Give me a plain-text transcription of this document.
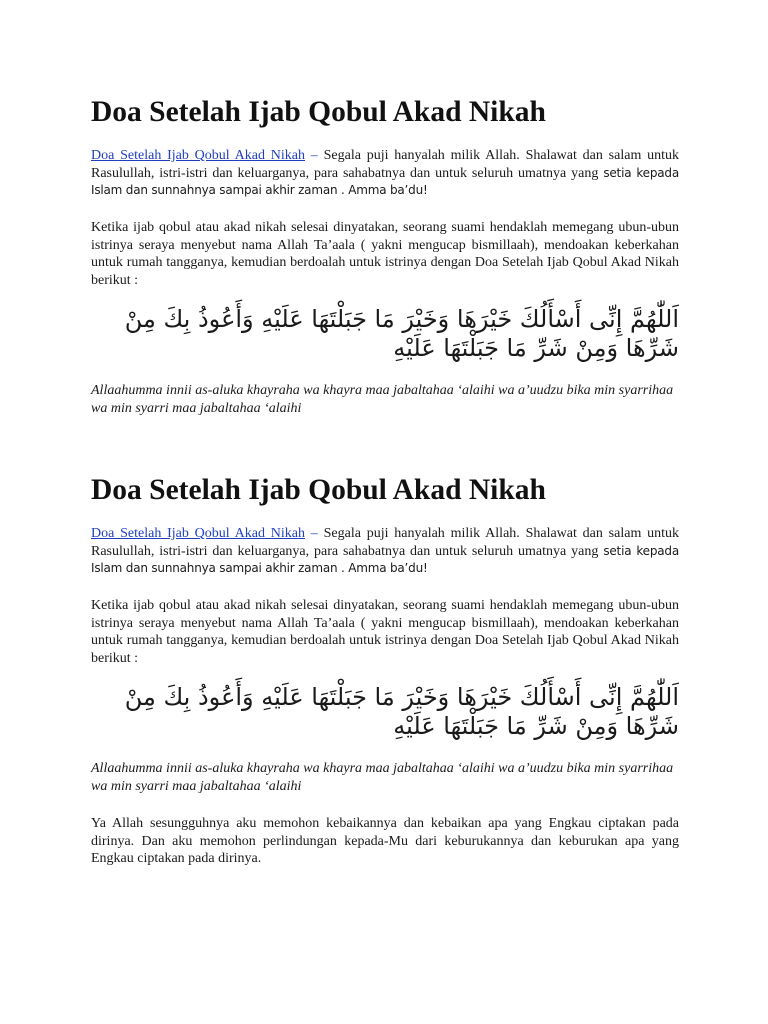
Doa Setelah Ijab Qobul Akad Nikah

Doa Setelah Ijab Qobul Akad Nikah – Segala puji hanyalah milik Allah. Shalawat dan salam untuk Rasulullah, istri-istri dan keluarganya, para sahabatnya dan untuk seluruh umatnya yang setia kepada Islam dan sunnahnya sampai akhir zaman . Amma ba’du!

Ketika ijab qobul atau akad nikah selesai dinyatakan, seorang suami hendaklah memegang ubun-ubun istrinya seraya menyebut nama Allah Ta’aala ( yakni mengucap bismillaah), mendoakan keberkahan untuk rumah tangganya, kemudian berdoalah untuk istrinya dengan Doa Setelah Ijab Qobul Akad Nikah berikut :

اَللّٰهُمَّ إِنِّى أَسْأَلُكَ خَيْرَهَا وَخَيْرَ مَا جَبَلْتَهَا عَلَيْهِ وَأَعُوذُ بِكَ مِنْ شَرِّهَا وَمِنْ شَرِّ مَا جَبَلْتَهَا عَلَيْهِ

Allaahumma innii as-aluka khayraha wa khayra maa jabaltahaa ‘alaihi wa a’uudzu bika min syarrihaa wa min syarri maa jabaltahaa ‘alaihi

Doa Setelah Ijab Qobul Akad Nikah

Doa Setelah Ijab Qobul Akad Nikah – Segala puji hanyalah milik Allah. Shalawat dan salam untuk Rasulullah, istri-istri dan keluarganya, para sahabatnya dan untuk seluruh umatnya yang setia kepada Islam dan sunnahnya sampai akhir zaman . Amma ba’du!

Ketika ijab qobul atau akad nikah selesai dinyatakan, seorang suami hendaklah memegang ubun-ubun istrinya seraya menyebut nama Allah Ta’aala ( yakni mengucap bismillaah), mendoakan keberkahan untuk rumah tangganya, kemudian berdoalah untuk istrinya dengan Doa Setelah Ijab Qobul Akad Nikah berikut :

اَللّٰهُمَّ إِنِّى أَسْأَلُكَ خَيْرَهَا وَخَيْرَ مَا جَبَلْتَهَا عَلَيْهِ وَأَعُوذُ بِكَ مِنْ شَرِّهَا وَمِنْ شَرِّ مَا جَبَلْتَهَا عَلَيْهِ

Allaahumma innii as-aluka khayraha wa khayra maa jabaltahaa ‘alaihi wa a’uudzu bika min syarrihaa wa min syarri maa jabaltahaa ‘alaihi

Ya Allah sesungguhnya aku memohon kebaikannya dan kebaikan apa yang Engkau ciptakan pada dirinya. Dan aku memohon perlindungan kepada-Mu dari keburukannya dan keburukan apa yang Engkau ciptakan pada dirinya.
